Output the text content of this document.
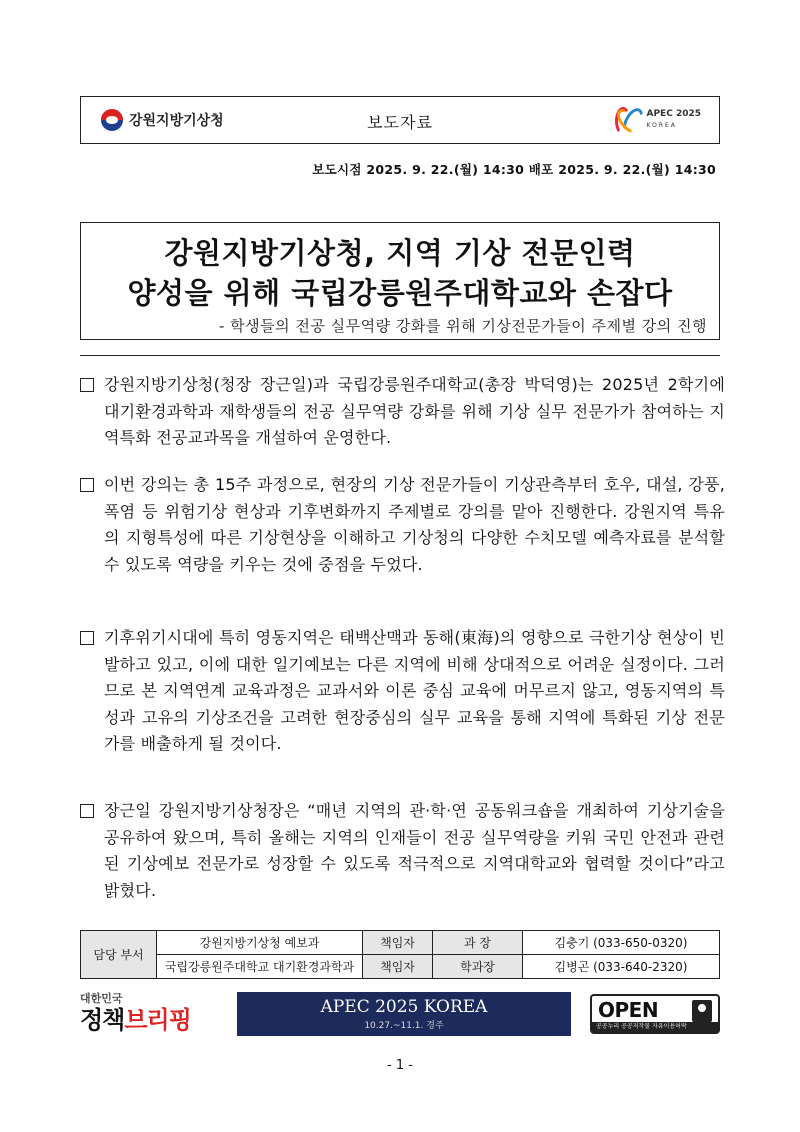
강원지방기상청	보도자료	APEC 2025
KOREA
보도시점 2025. 9. 22.(월) 14:30 배포 2025. 9. 22.(월) 14:30
강원지방기상청, 지역 기상 전문인력
양성을 위해 국립강릉원주대학교와 손잡다
- 학생들의 전공 실무역량 강화를 위해 기상전문가들이 주제별 강의 진행

강원지방기상청(청장 장근일)과 국립강릉원주대학교(총장 박덕영)는 2025년 2학기에 대기환경과학과 재학생들의 전공 실무역량 강화를 위해 기상 실무 전문가가 참여하는 지역특화 전공교과목을 개설하여 운영한다.

이번 강의는 총 15주 과정으로, 현장의 기상 전문가들이 기상관측부터 호우, 대설, 강풍, 폭염 등 위험기상 현상과 기후변화까지 주제별로 강의를 맡아 진행한다. 강원지역 특유의 지형특성에 따른 기상현상을 이해하고 기상청의 다양한 수치모델 예측자료를 분석할 수 있도록 역량을 키우는 것에 중점을 두었다.

기후위기시대에 특히 영동지역은 태백산맥과 동해(東海)의 영향으로 극한기상 현상이 빈발하고 있고, 이에 대한 일기예보는 다른 지역에 비해 상대적으로 어려운 실정이다. 그러므로 본 지역연계 교육과정은 교과서와 이론 중심 교육에 머무르지 않고, 영동지역의 특성과 고유의 기상조건을 고려한 현장중심의 실무 교육을 통해 지역에 특화된 기상 전문가를 배출하게 될 것이다.

장근일 강원지방기상청장은 “매년 지역의 관·학·연 공동워크숍을 개최하여 기상기술을 공유하여 왔으며, 특히 올해는 지역의 인재들이 전공 실무역량을 키워 국민 안전과 관련된 기상예보 전문가로 성장할 수 있도록 적극적으로 지역대학교와 협력할 것이다”라고 밝혔다.

담당 부서	강원지방기상청 예보과	책임자	과 장	김충기 (033-650-0320)
	국립강릉원주대학교 대기환경과학과	책임자	학과장	김병곤 (033-640-2320)
대한민국
정책브리핑	APEC 2025 KOREA
10.27.~11.1. 경주
OPEN
공공누리 공공저작물 자유이용허락
- 1 -
